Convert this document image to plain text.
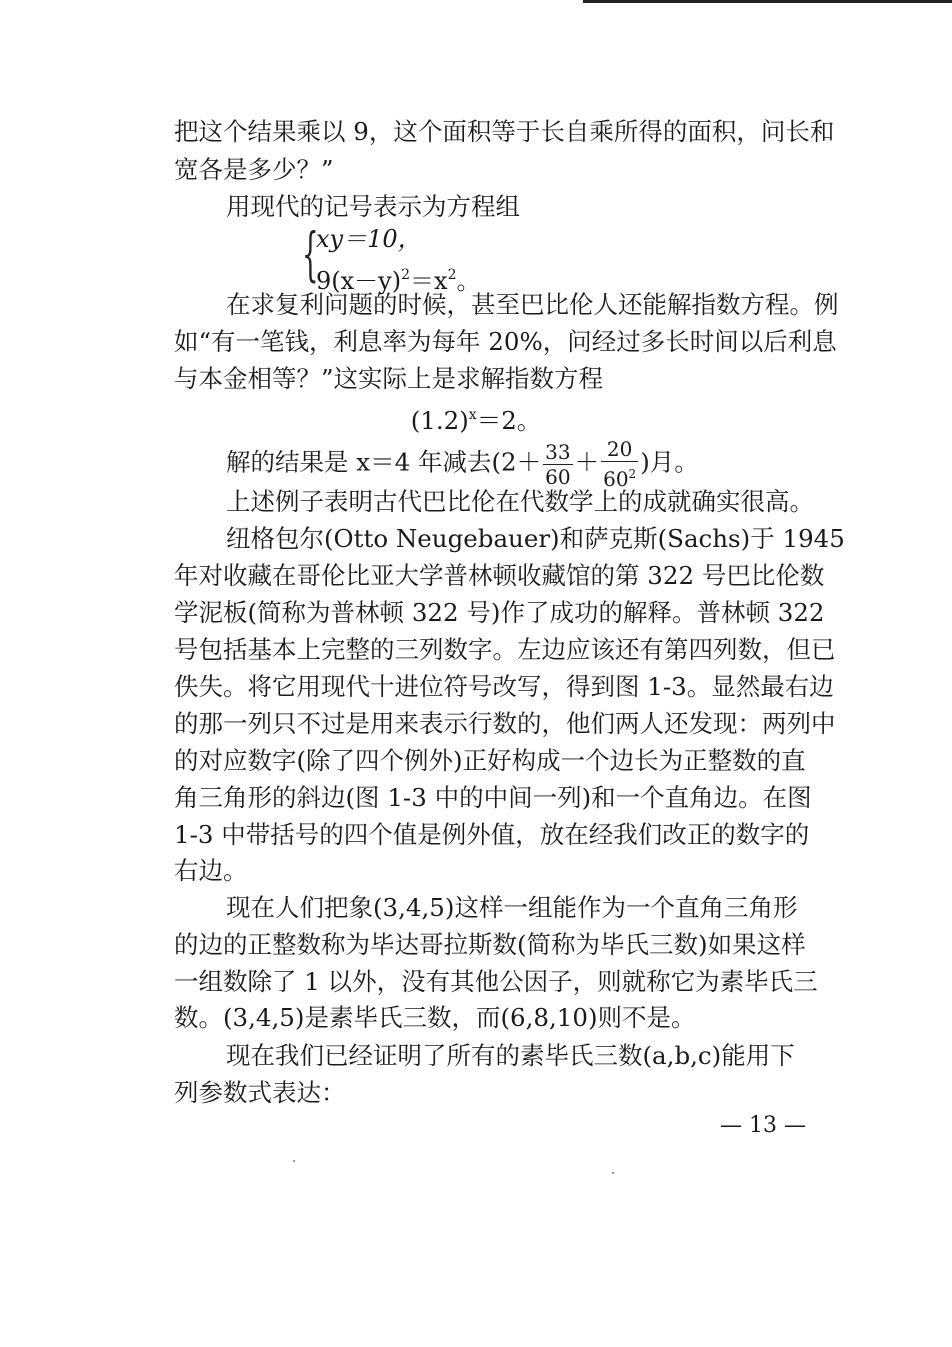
把这个结果乘以 9，这个面积等于长自乘所得的面积，问长和
宽各是多少？”
用现代的记号表示为方程组
{
xy＝10，
$9(x-y)^2=x^2$。
在求复利问题的时候，甚至巴比伦人还能解指数方程。例
如“有一笔钱，利息率为每年 20%，问经过多长时间以后利息
与本金相等？”这实际上是求解指数方程
$(1.2)^x=2$。
解的结果是 x＝4 年减去($2+ \frac{33}{60} + \frac{20}{60^2}$ )月。
上述例子表明古代巴比伦在代数学上的成就确实很高。
纽格包尔(Otto Neugebauer)和萨克斯(Sachs)于 1945
年对收藏在哥伦比亚大学普林顿收藏馆的第 322 号巴比伦数
学泥板(简称为普林顿 322 号)作了成功的解释。普林顿 322
号包括基本上完整的三列数字。左边应该还有第四列数，但已
佚失。将它用现代十进位符号改写，得到图 1-3。显然最右边
的那一列只不过是用来表示行数的，他们两人还发现：两列中
的对应数字(除了四个例外)正好构成一个边长为正整数的直
角三角形的斜边(图 1-3 中的中间一列)和一个直角边。在图
1-3 中带括号的四个值是例外值，放在经我们改正的数字的
右边。
现在人们把象(3,4,5)这样一组能作为一个直角三角形
的边的正整数称为毕达哥拉斯数(简称为毕氏三数)如果这样
一组数除了 1 以外，没有其他公因子，则就称它为素毕氏三
数。(3,4,5)是素毕氏三数，而(6,8,10)则不是。
现在我们已经证明了所有的素毕氏三数(a,b,c)能用下
列参数式表达：
— 13 —
